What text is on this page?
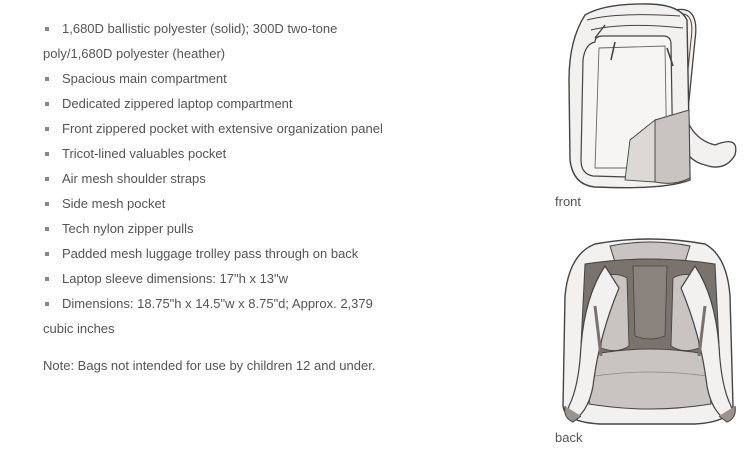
1,680D ballistic polyester (solid); 300D two-tone
poly/1,680D polyester (heather)
Spacious main compartment
Dedicated zippered laptop compartment
Front zippered pocket with extensive organization panel
Tricot-lined valuables pocket
Air mesh shoulder straps
Side mesh pocket
Tech nylon zipper pulls
Padded mesh luggage trolley pass through on back
Laptop sleeve dimensions: 17"h x 13"w
Dimensions: 18.75"h x 14.5"w x 8.75"d; Approx. 2,379
cubic inches

Note: Bags not intended for use by children 12 and under.

front
back
